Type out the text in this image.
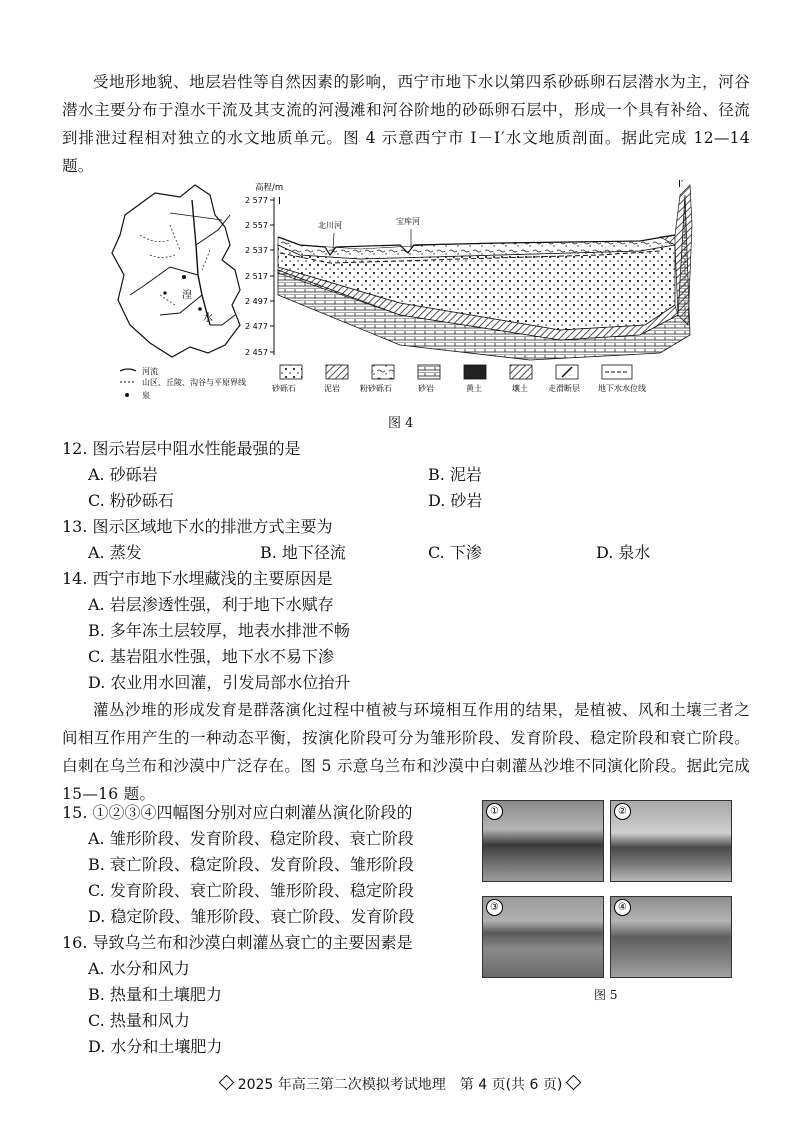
受地形地貌、地层岩性等自然因素的影响，西宁市地下水以第四系砂砾卵石层潜水为主，河谷潜水主要分布于湟水干流及其支流的河漫滩和河谷阶地的砂砾卵石层中，形成一个具有补给、径流到排泄过程相对独立的水文地质单元。图 4 示意西宁市 Ⅰ－Ⅰ′水文地质剖面。据此完成 12—14 题。
湟
水
河流
山区、丘陵、沟谷与平原界线
泉
高程/m
I
I′
2 577
2 557
2 537
2 517
2 497
2 477
2 457
北川河	宝库河
砂砾石	泥岩	粉砂砾石	砂岩	黄土	壤土	走滑断层 地下水水位线
图 4
12. 图示岩层中阻水性能最强的是
A. 砂砾岩	B. 泥岩
C. 粉砂砾石	D. 砂岩
13. 图示区域地下水的排泄方式主要为
A. 蒸发	B. 地下径流	C. 下渗	D. 泉水
14. 西宁市地下水埋藏浅的主要原因是
A. 岩层渗透性强，利于地下水赋存
B. 多年冻土层较厚，地表水排泄不畅
C. 基岩阻水性强，地下水不易下渗
D. 农业用水回灌，引发局部水位抬升
灌丛沙堆的形成发育是群落演化过程中植被与环境相互作用的结果，是植被、风和土壤三者之间相互作用产生的一种动态平衡，按演化阶段可分为雏形阶段、发育阶段、稳定阶段和衰亡阶段。白刺在乌兰布和沙漠中广泛存在。图 5 示意乌兰布和沙漠中白刺灌丛沙堆不同演化阶段。据此完成 15—16 题。
①	②
③	④
图 5
15. ①②③④四幅图分别对应白刺灌丛演化阶段的
A. 雏形阶段、发育阶段、稳定阶段、衰亡阶段
B. 衰亡阶段、稳定阶段、发育阶段、雏形阶段
C. 发育阶段、衰亡阶段、雏形阶段、稳定阶段
D. 稳定阶段、雏形阶段、衰亡阶段、发育阶段
16. 导致乌兰布和沙漠白刺灌丛衰亡的主要因素是
A. 水分和风力
B. 热量和土壤肥力
C. 热量和风力
D. 水分和土壤肥力
2025 年高三第二次模拟考试地理　第 4 页(共 6 页)
